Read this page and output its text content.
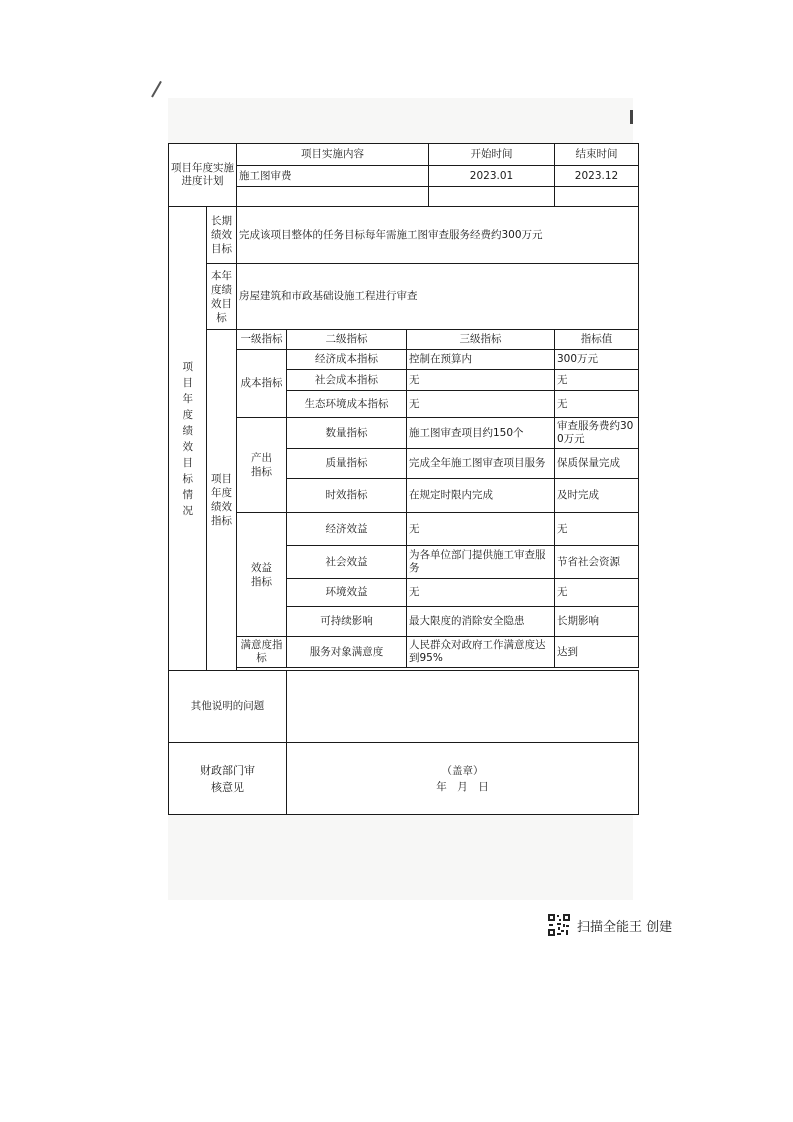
项目年度实施进度计划		项目实施内容			开始时间	结束时间
		施工图审费			2023.01	2023.12

项目年度绩效目标情况	长期绩效目标	完成该项目整体的任务目标每年需施工图审查服务经费约300万元				

	本年度绩效目标	房屋建筑和市政基础设施工程进行审查				

	项目年度绩效指标	一级指标	二级指标	三级指标		指标值
		成本指标	经济成本指标	控制在预算内		300万元
			社会成本指标	无		无
			生态环境成本指标	无		无

		产出指标	数量指标	施工图审查项目约150个		审查服务费约300万元
			质量指标	完成全年施工图审查项目服务		保质保量完成
			时效指标	在规定时限内完成		及时完成

		效益指标	经济效益	无		无
			社会效益	为各单位部门提供施工审查服务		节省社会资源
			环境效益	无		无
			可持续影响	最大限度的消除安全隐患		长期影响
		满意度指标	服务对象满意度	人民群众对政府工作满意度达到95%		达到

其他说明的问题						

财政部门审核意见			（盖章）
年　月　日			
扫描全能王 创建
